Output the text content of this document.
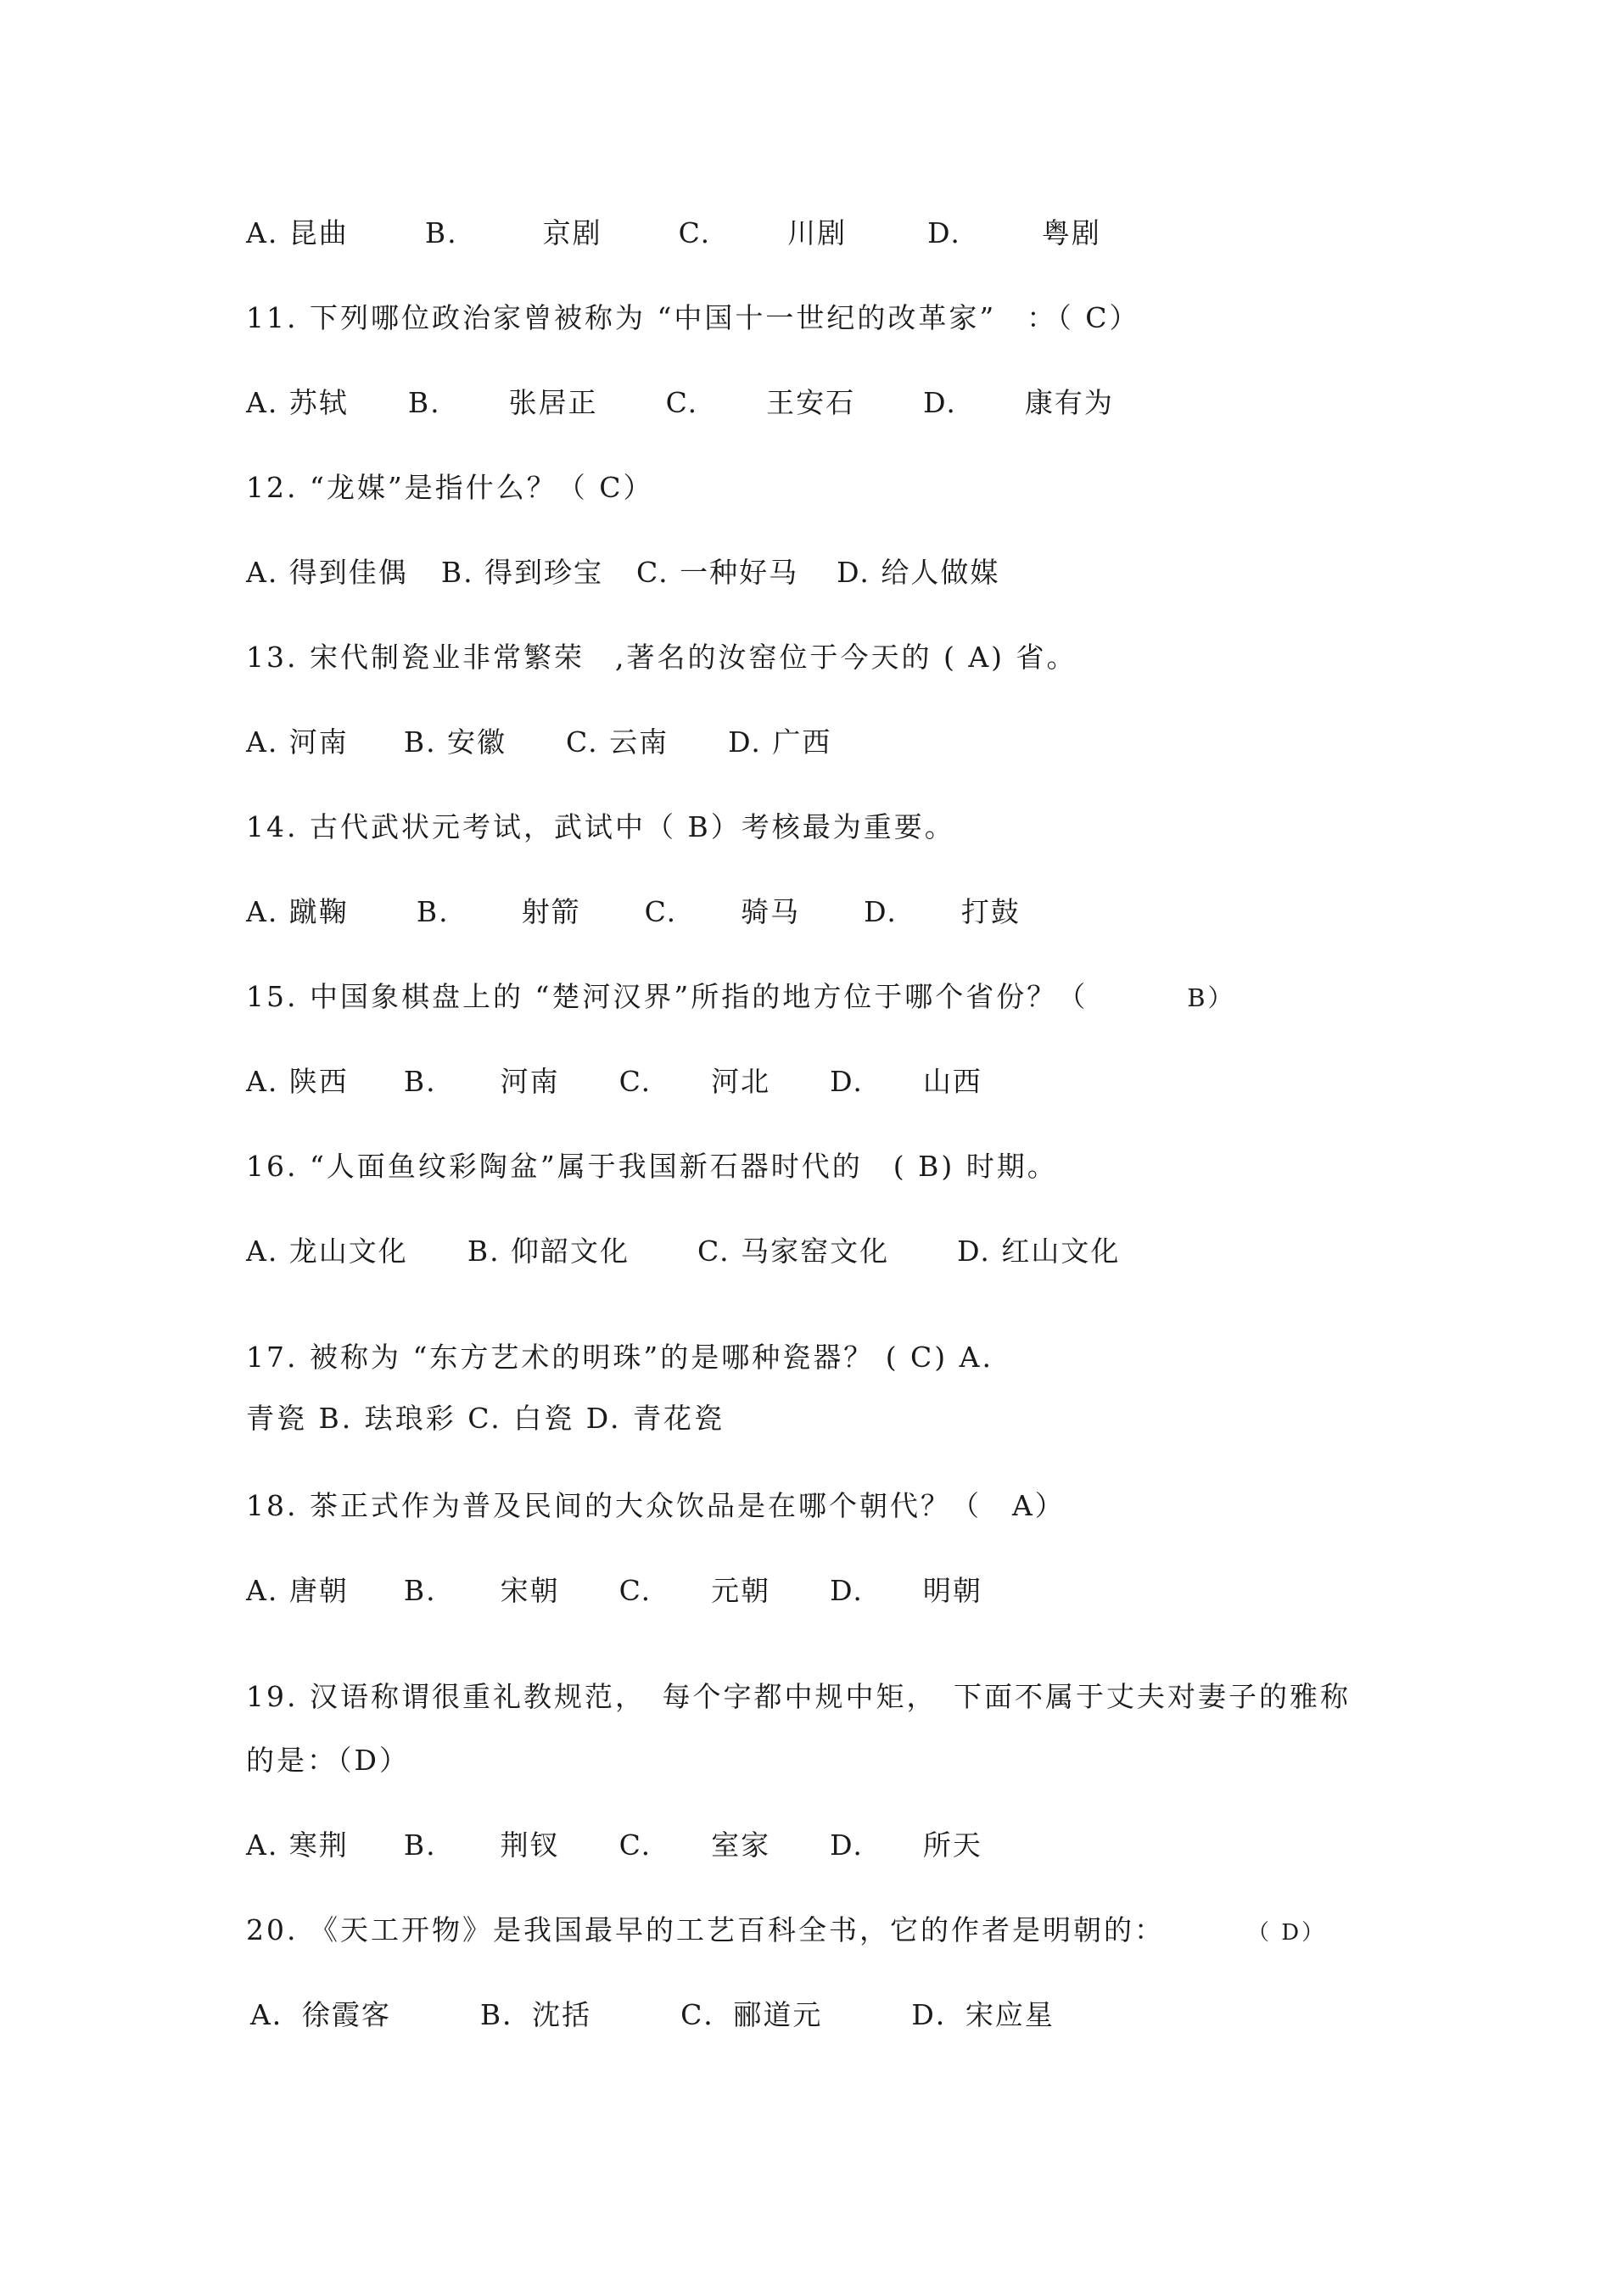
A. 昆曲	B.	京剧	C.	川剧	D.	粤剧
11. 下列哪位政治家曾被称为 “中国十一世纪的改革家”　：（ C）
A. 苏轼 B. 张居正 C. 王安石 D. 康有为
12. “龙媒”是指什么？（ C）
A. 得到佳偶 B. 得到珍宝 C. 一种好马 D. 给人做媒
13. 宋代制瓷业非常繁荣　,著名的汝窑位于今天的 ( A) 省。
A. 河南 B. 安徽 C. 云南 D. 广西
14. 古代武状元考试，武试中（ B）考核最为重要。
A. 蹴鞠 B.	射箭 C. 骑马 D. 打鼓
15. 中国象棋盘上的 “楚河汉界”所指的地方位于哪个省份？（	B）
A. 陕西 B. 河南 C. 河北 D. 山西
16. “人面鱼纹彩陶盆”属于我国新石器时代的　( B) 时期。
A. 龙山文化 B. 仰韶文化 C. 马家窑文化 D. 红山文化
17. 被称为 “东方艺术的明珠”的是哪种瓷器？ ( C) A.
青瓷 B. 珐琅彩 C. 白瓷 D. 青花瓷
18. 茶正式作为普及民间的大众饮品是在哪个朝代？（　A）
A. 唐朝 B. 宋朝 C. 元朝 D. 明朝
19. 汉语称谓很重礼教规范，　每个字都中规中矩，　下面不属于丈夫对妻子的雅称
的是：（D）
A. 寒荆 B. 荆钗 C. 室家 D. 所天
20. 《天工开物》是我国最早的工艺百科全书，它的作者是明朝的：	（ D）
A．徐霞客	B．沈括	C．郦道元	D．宋应星
